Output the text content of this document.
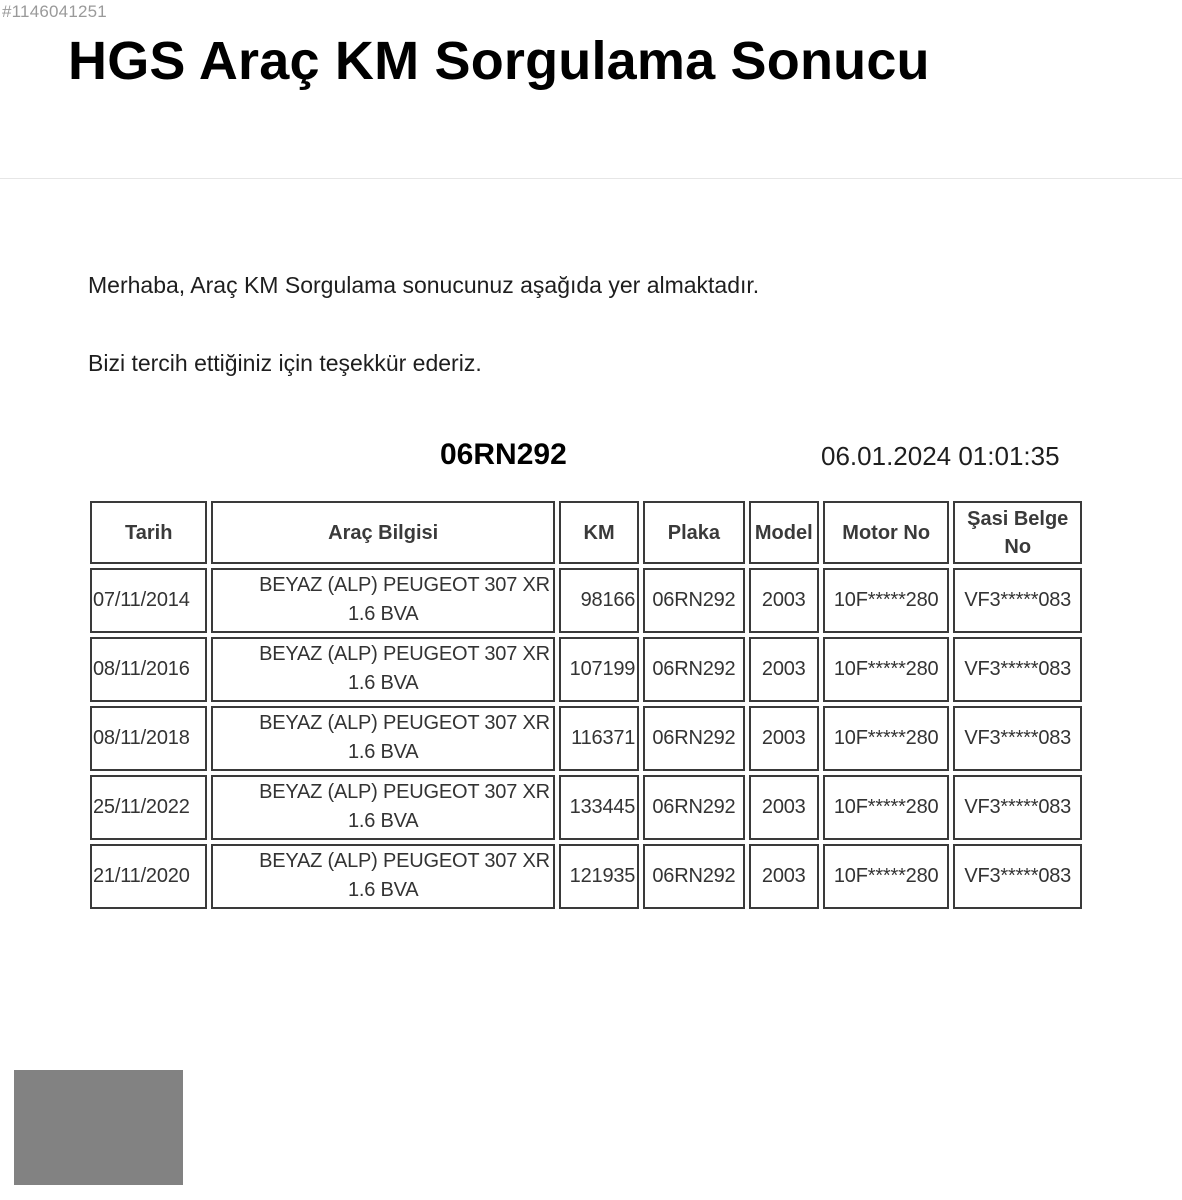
#1146041251
HGS Araç KM Sorgulama Sonucu
Merhaba, Araç KM Sorgulama sonucunuz aşağıda yer almaktadır.
Bizi tercih ettiğiniz için teşekkür ederiz.
06RN292	06.01.2024 01:01:35
Tarih	Araç Bilgisi	KM	Plaka	Model	Motor No	Şasi Belge No
07/11/2014	BEYAZ (ALP) PEUGEOT 307 XR
1.6 BVA	98166	06RN292	2003	10F*****280	VF3*****083
08/11/2016	BEYAZ (ALP) PEUGEOT 307 XR
1.6 BVA	107199	06RN292	2003	10F*****280	VF3*****083
08/11/2018	BEYAZ (ALP) PEUGEOT 307 XR
1.6 BVA	116371	06RN292	2003	10F*****280	VF3*****083
25/11/2022	BEYAZ (ALP) PEUGEOT 307 XR
1.6 BVA	133445	06RN292	2003	10F*****280	VF3*****083
21/11/2020	BEYAZ (ALP) PEUGEOT 307 XR
1.6 BVA	121935	06RN292	2003	10F*****280	VF3*****083
